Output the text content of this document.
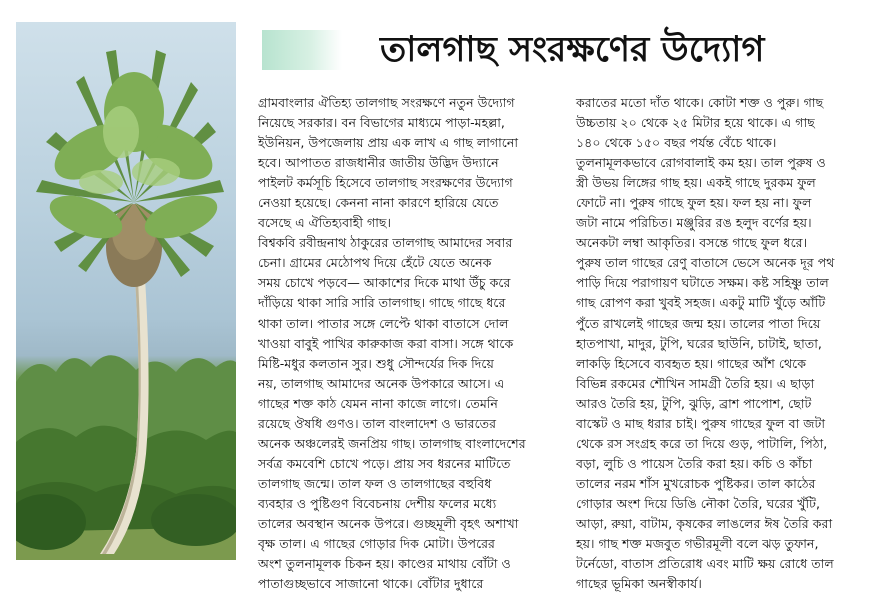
তালগাছ সংরক্ষণের উদ্যোগ

গ্রামবাংলার ঐতিহ্য তালগাছ সংরক্ষণে নতুন উদ্যোগ
নিয়েছে সরকার। বন বিভাগের মাধ্যমে পাড়া-মহল্লা,
ইউনিয়ন, উপজেলায় প্রায় এক লাখ এ গাছ লাগানো
হবে। আপাতত রাজধানীর জাতীয় উদ্ভিদ উদ্যানে
পাইলট কর্মসূচি হিসেবে তালগাছ সংরক্ষণের উদ্যোগ
নেওয়া হয়েছে। কেননা নানা কারণে হারিয়ে যেতে
বসেছে এ ঐতিহ্যবাহী গাছ।
বিশ্বকবি রবীন্দ্রনাথ ঠাকুরের তালগাছ আমাদের সবার
চেনা। গ্রামের মেঠোপথ দিয়ে হেঁটে যেতে অনেক
সময় চোখে পড়বে— আকাশের দিকে মাথা উঁচু করে
দাঁড়িয়ে থাকা সারি সারি তালগাছ। গাছে গাছে ধরে
থাকা তাল। পাতার সঙ্গে লেপ্টে থাকা বাতাসে দোল
খাওয়া বাবুই পাখির কারুকাজ করা বাসা। সঙ্গে থাকে
মিষ্টি-মধুর কলতান সুর। শুধু সৌন্দর্যের দিক দিয়ে
নয়, তালগাছ আমাদের অনেক উপকারে আসে। এ
গাছের শক্ত কাঠ যেমন নানা কাজে লাগে। তেমনি
রয়েছে ঔষধি গুণও। তাল বাংলাদেশ ও ভারতের
অনেক অঞ্চলেরই জনপ্রিয় গাছ। তালগাছ বাংলাদেশের
সর্বত্র কমবেশি চোখে পড়ে। প্রায় সব ধরনের মাটিতে
তালগাছ জন্মে। তাল ফল ও তালগাছের বহুবিধ
ব্যবহার ও পুষ্টিগুণ বিবেচনায় দেশীয় ফলের মধ্যে
তালের অবস্থান অনেক উপরে। গুচ্ছমূলী বৃহৎ অশাখা
বৃক্ষ তাল। এ গাছের গোড়ার দিক মোটা। উপরের
অংশ তুলনামূলক চিকন হয়। কাণ্ডের মাথায় বোঁটা ও
পাতাগুচ্ছভাবে সাজানো থাকে। বোঁটার দুধারে

করাতের মতো দাঁত থাকে। কোটা শক্ত ও পুরু। গাছ
উচ্চতায় ২০ থেকে ২৫ মিটার হয়ে থাকে। এ গাছ
১৪০ থেকে ১৫০ বছর পর্যন্ত বেঁচে থাকে।
তুলনামূলকভাবে রোগবালাই কম হয়। তাল পুরুষ ও
স্ত্রী উভয় লিঙ্গের গাছ হয়। একই গাছে দুরকম ফুল
ফোটে না। পুরুষ গাছে ফুল হয়। ফল হয় না। ফুল
জটা নামে পরিচিত। মঞ্জুরির রঙ হলুদ বর্ণের হয়।
অনেকটা লম্বা আকৃতির। বসন্তে গাছে ফুল ধরে।
পুরুষ তাল গাছের রেণু বাতাসে ভেসে অনেক দূর পথ
পাড়ি দিয়ে পরাগায়ণ ঘটাতে সক্ষম। কষ্ট সহিষ্ণু তাল
গাছ রোপণ করা খুবই সহজ। একটু মাটি খুঁড়ে আঁটি
পুঁতে রাখলেই গাছের জন্ম হয়। তালের পাতা দিয়ে
হাতপাখা, মাদুর, টুপি, ঘরের ছাউনি, চাটাই, ছাতা,
লাকড়ি হিসেবে ব্যবহৃত হয়। গাছের আঁশ থেকে
বিভিন্ন রকমের শৌখিন সামগ্রী তৈরি হয়। এ ছাড়া
আরও তৈরি হয়, টুপি, ঝুড়ি, ব্রাশ পাপোশ, ছোট
বাস্কেট ও মাছ ধরার চাই। পুরুষ গাছের ফুল বা জটা
থেকে রস সংগ্রহ করে তা দিয়ে গুড়, পাটালি, পিঠা,
বড়া, লুচি ও পায়েস তৈরি করা হয়। কচি ও কাঁচা
তালের নরম শাঁস মুখরোচক পুষ্টিকর। তাল কাঠের
গোড়ার অংশ দিয়ে ডিঙি নৌকা তৈরি, ঘরের খুঁটি,
আড়া, রুয়া, বাটাম, কৃষকের লাঙলের ঈষ তৈরি করা
হয়। গাছ শক্ত মজবুত গভীরমূলী বলে ঝড় তুফান,
টর্নেডো, বাতাস প্রতিরোধ এবং মাটি ক্ষয় রোধে তাল
গাছের ভূমিকা অনস্বীকার্য।
